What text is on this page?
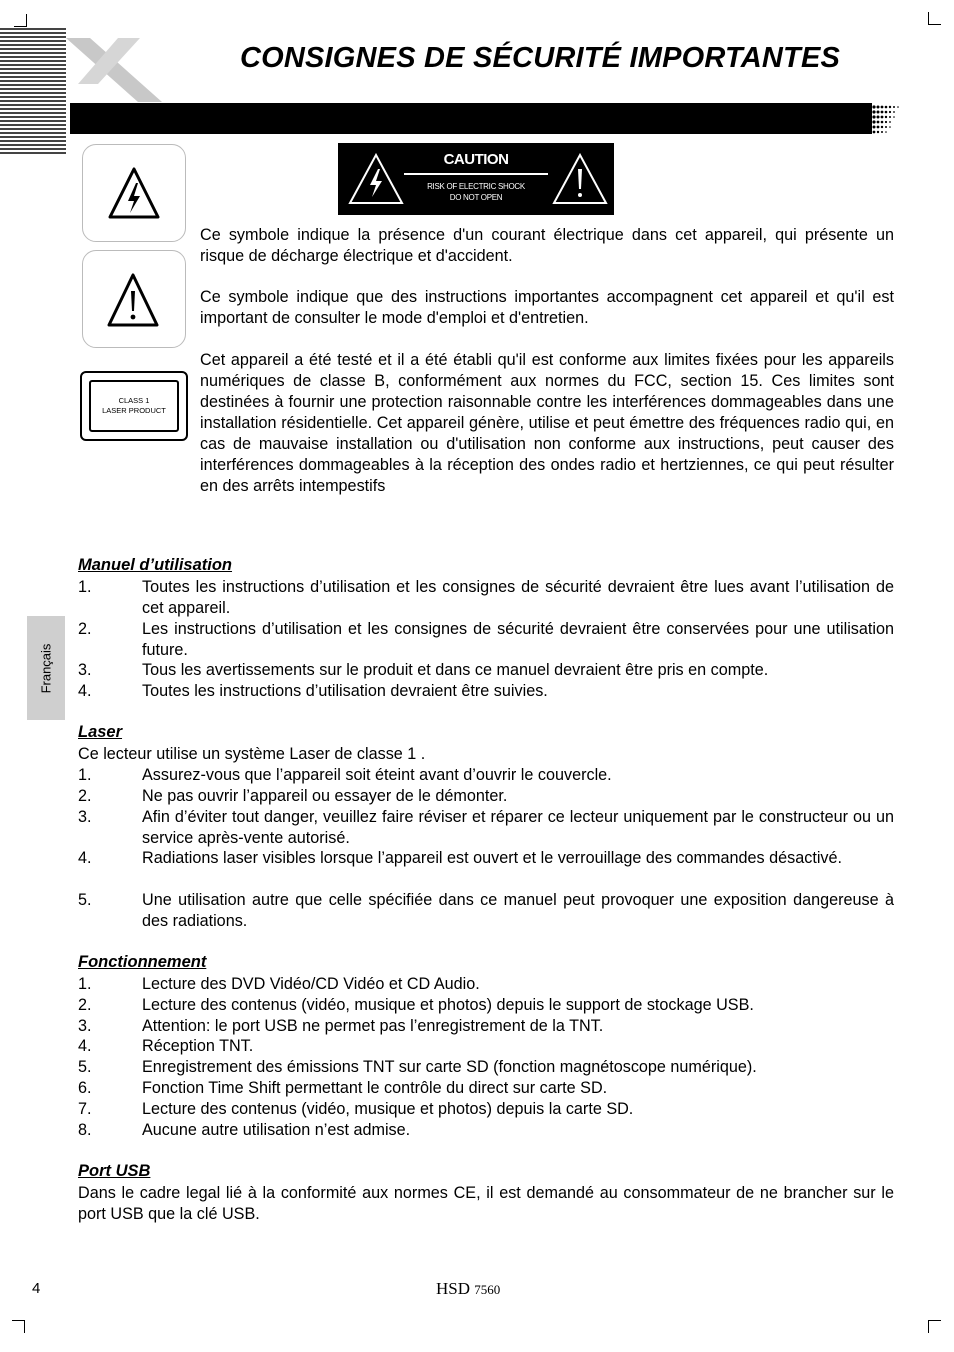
CONSIGNES DE SÉCURITÉ IMPORTANTES
Français
CLASS 1
LASER PRODUCT
CAUTION
RISK OF ELECTRIC SHOCK
DO NOT OPEN

Ce symbole indique la présence d'un courant électrique dans cet appareil, qui présente un risque de décharge électrique et d'accident.

Ce symbole indique que des instructions importantes accompagnent cet appareil et qu'il est important de consulter le mode d'emploi et d'entretien.

Cet appareil a été testé et il a été établi qu'il est conforme aux limites fixées pour les appareils numériques de classe B, conformément aux normes du FCC, section 15. Ces limites sont destinées à fournir une protection raisonnable contre les interférences dommageables dans une installation résidentielle. Cet appareil génère, utilise et peut émettre des fréquences radio qui, en cas de mauvaise installation ou d'utilisation non conforme aux instructions, peut causer des interférences dommageables à la réception des ondes radio et hertziennes, ce qui peut résulter en des arrêts intempestifs

Manuel d’utilisation
1.	Toutes les instructions d’utilisation et les consignes de sécurité devraient être lues avant l’utilisation de cet appareil.
2.	Les instructions d’utilisation et les consignes de sécurité devraient être conservées pour une utilisation future.
3.	Tous les avertissements sur le produit et dans ce manuel devraient être pris en compte.
4.	Toutes les instructions d’utilisation devraient être suivies.
Laser
Ce lecteur utilise un système Laser de classe 1 .
1.	Assurez-vous que l’appareil soit éteint avant d’ouvrir le couvercle.
2.	Ne pas ouvrir l’appareil ou essayer de le démonter.
3.	Afin d’éviter tout danger, veuillez faire réviser et réparer ce lecteur uniquement par le constructeur ou un service après-vente autorisé.
4.	Radiations laser visibles lorsque l’appareil est ouvert et le verrouillage des commandes désactivé.
5.	Une utilisation autre que celle spécifiée dans ce manuel peut provoquer une exposition dangereuse à des radiations.
Fonctionnement
1.	Lecture des DVD Vidéo/CD Vidéo et CD Audio.
2.	Lecture des contenus (vidéo, musique et photos) depuis le support de stockage USB.
3.	Attention: le port USB ne permet pas l’enregistrement de la TNT.
4.	Réception TNT.
5.	Enregistrement des émissions TNT sur carte SD (fonction magnétoscope numérique).
6.	Fonction Time Shift permettant le contrôle du direct sur carte SD.
7.	Lecture des contenus (vidéo, musique et photos) depuis la carte SD.
8.	Aucune autre utilisation n’est admise.
Port USB
Dans le cadre legal lié à la conformité aux normes CE, il est demandé au consommateur de ne brancher sur le port USB que la clé USB.
4	HSD 7560
